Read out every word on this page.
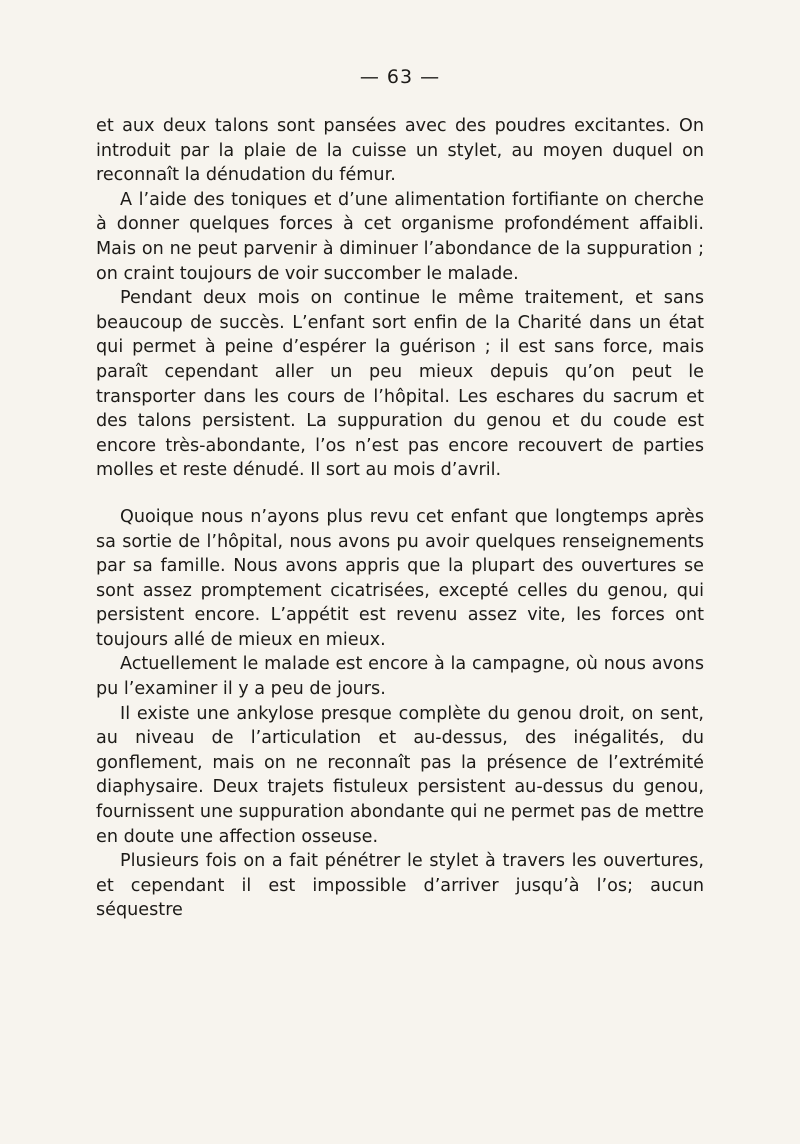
— 63 —

et aux deux talons sont pansées avec des poudres excitantes. On introduit par la plaie de la cuisse un stylet, au moyen duquel on reconnaît la dénudation du fémur.

A l’aide des toniques et d’une alimentation fortifiante on cherche à donner quelques forces à cet organisme profondément affaibli. Mais on ne peut parvenir à diminuer l’abondance de la suppuration ; on craint toujours de voir succomber le malade.

Pendant deux mois on continue le même traitement, et sans beaucoup de succès. L’enfant sort enfin de la Charité dans un état qui permet à peine d’espérer la guérison ; il est sans force, mais paraît cependant aller un peu mieux depuis qu’on peut le transporter dans les cours de l’hôpital. Les eschares du sacrum et des talons persistent. La suppuration du genou et du coude est encore très-abondante, l’os n’est pas encore recouvert de parties molles et reste dénudé. Il sort au mois d’avril.

Quoique nous n’ayons plus revu cet enfant que longtemps après sa sortie de l’hôpital, nous avons pu avoir quelques renseignements par sa famille. Nous avons appris que la plupart des ouvertures se sont assez promptement cicatrisées, excepté celles du genou, qui persistent encore. L’appétit est revenu assez vite, les forces ont toujours allé de mieux en mieux.

Actuellement le malade est encore à la campagne, où nous avons pu l’examiner il y a peu de jours.

Il existe une ankylose presque complète du genou droit, on sent, au niveau de l’articulation et au-dessus, des inégalités, du gonflement, mais on ne reconnaît pas la présence de l’extrémité diaphysaire. Deux trajets fistuleux persistent au-dessus du genou, fournissent une suppuration abondante qui ne permet pas de mettre en doute une affection osseuse.

Plusieurs fois on a fait pénétrer le stylet à travers les ouvertures, et cependant il est impossible d’arriver jusqu’à l’os; aucun séquestre
